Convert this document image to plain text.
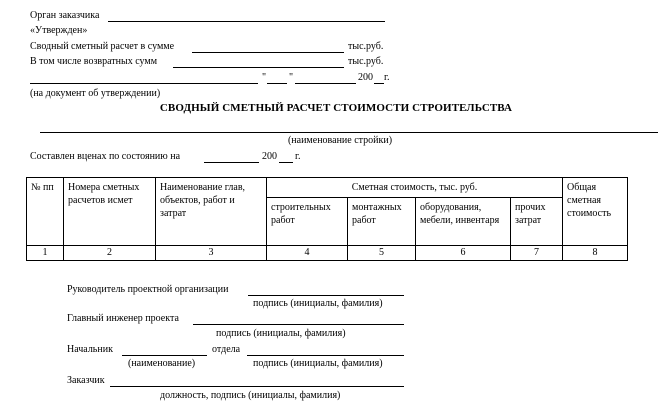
Орган заказчика
«Утвержден»
Сводный сметный расчет в сумме	тыс.руб.
В том числе возвратных сумм	тыс.руб.
" "	200 г.
(на документ об утверждении)
СВОДНЫЙ СМЕТНЫЙ РАСЧЕТ СТОИМОСТИ СТРОИТЕЛЬСТВА
(наименование стройки)
Составлен вценах по состоянию на	200 г.
№ пп	Номера сметных расчетов исмет	Наименование глав, объектов, работ и затрат	Сметная стоимость, тыс. руб.				Общая сметная стоимость
			строительных работ	монтажных работ	оборудования, мебели, инвентаря	прочих затрат	
1	2	3	4	5	6	7	8
Руководитель проектной организации
подпись (инициалы, фамилия)
Главный инженер проекта
подпись (инициалы, фамилия)
Начальник	отдела
(наименование)	подпись (инициалы, фамилия)
Заказчик
должность, подпись (инициалы, фамилия)
